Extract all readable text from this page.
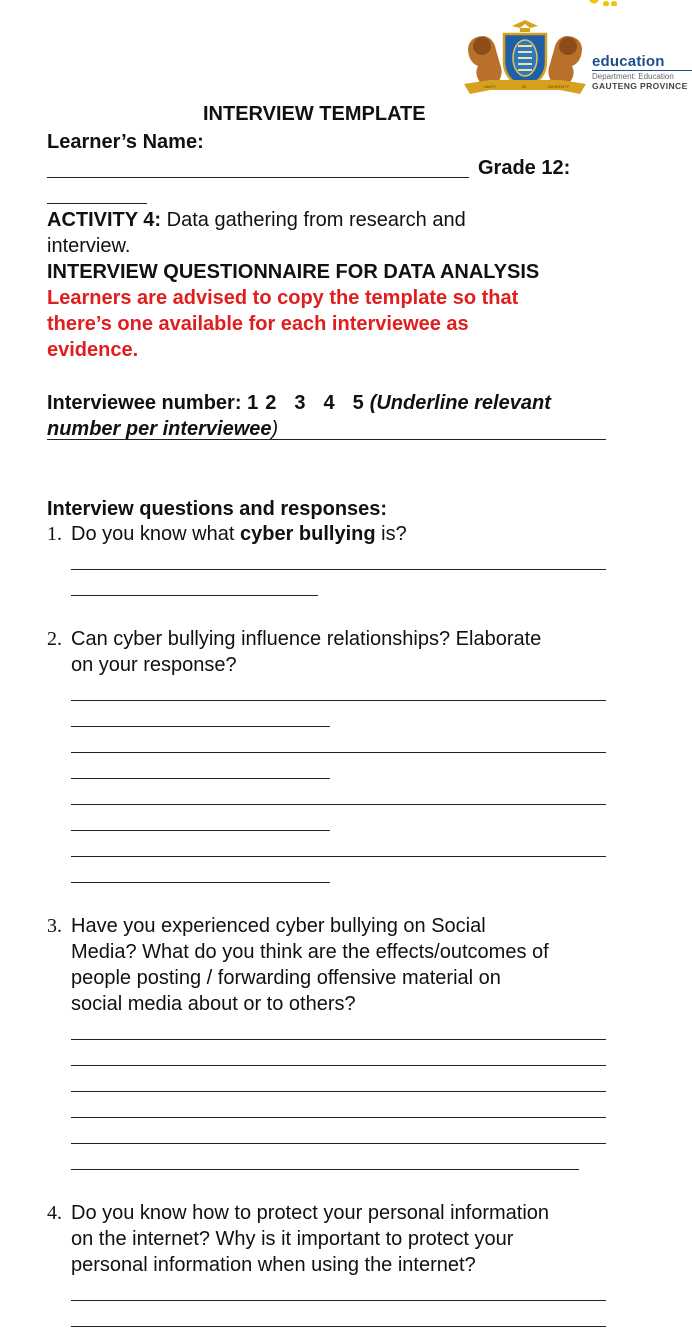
UNITY	IN	DIVERSITY
education
Department: Education
GAUTENG PROVINCE
INTERVIEW TEMPLATE
Learner’s Name:
Grade 12:
ACTIVITY 4: Data gathering from research and
interview.
INTERVIEW QUESTIONNAIRE FOR DATA ANALYSIS
Learners are advised to copy the template so that
there’s one available for each interviewee as
evidence.
Interviewee number: 1 2 3 4 5 (Underline relevant
number per interviewee)
Interview questions and responses:
1. Do you know what cyber bullying is?
2. Can cyber bullying influence relationships? Elaborate
on your response?
3. Have you experienced cyber bullying on Social
Media? What do you think are the effects/outcomes of
people posting / forwarding offensive material on
social media about or to others?
4. Do you know how to protect your personal information
on the internet? Why is it important to protect your
personal information when using the internet?
